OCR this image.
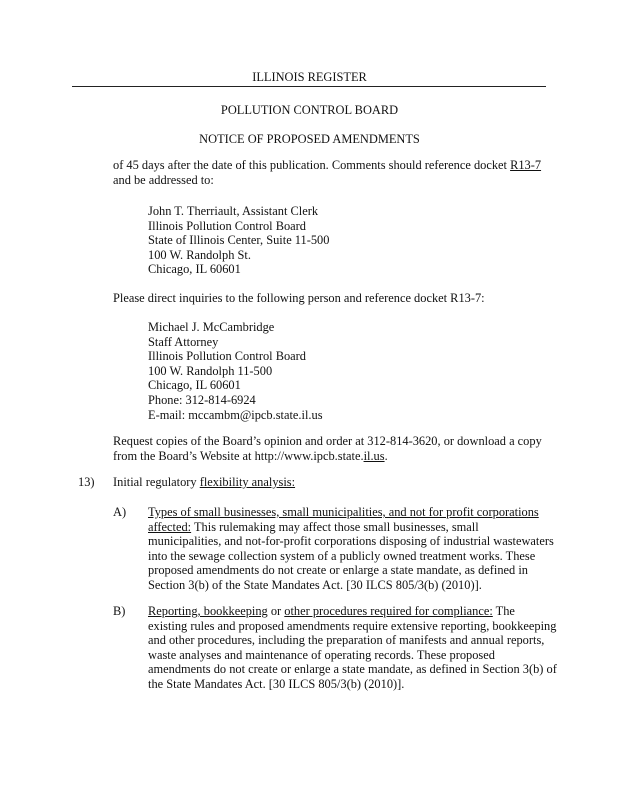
ILLINOIS REGISTER
POLLUTION CONTROL BOARD
NOTICE OF PROPOSED AMENDMENTS
of 45 days after the date of this publication. Comments should reference docket R13-7 and be addressed to:
John T. Therriault, Assistant Clerk
Illinois Pollution Control Board
State of Illinois Center, Suite 11-500
100 W. Randolph St.
Chicago, IL 60601
Please direct inquiries to the following person and reference docket R13-7:
Michael J. McCambridge
Staff Attorney
Illinois Pollution Control Board
100 W. Randolph 11-500
Chicago, IL 60601
Phone: 312-814-6924
E-mail: mccambm@ipcb.state.il.us
Request copies of the Board’s opinion and order at 312-814-3620, or download a copy
from the Board’s Website at http://www.ipcb.state.il.us.
13) Initial regulatory flexibility analysis:
A) Types of small businesses, small municipalities, and not for profit corporations
affected: This rulemaking may affect those small businesses, small
municipalities, and not-for-profit corporations disposing of industrial wastewaters
into the sewage collection system of a publicly owned treatment works. These
proposed amendments do not create or enlarge a state mandate, as defined in
Section 3(b) of the State Mandates Act. [30 ILCS 805/3(b) (2010)].
B) Reporting, bookkeeping or other procedures required for compliance: The
existing rules and proposed amendments require extensive reporting, bookkeeping
and other procedures, including the preparation of manifests and annual reports,
waste analyses and maintenance of operating records. These proposed
amendments do not create or enlarge a state mandate, as defined in Section 3(b) of
the State Mandates Act. [30 ILCS 805/3(b) (2010)].
